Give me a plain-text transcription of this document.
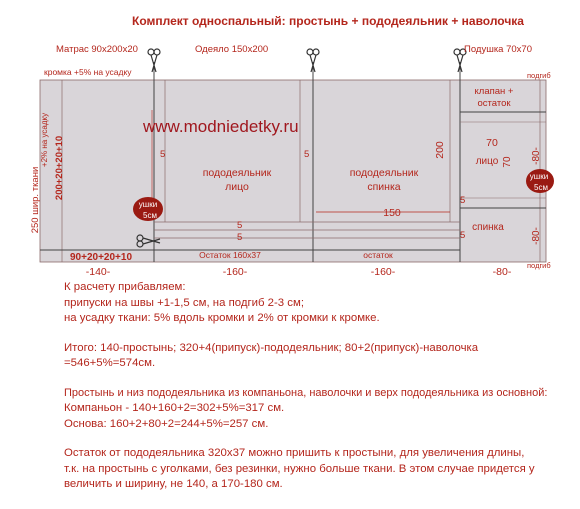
Комплект односпальный: простынь + пододеяльник + наволочка
Матрас 90х200х20	Одеяло 150х200	Подушка 70х70
кромка +5% на усадку
+2% на усадку
250 шир. ткани 200+20+20+10
www.modniedetky.ru
пододеяльник
лицо
пододеяльник
спинка
5	5
5
5
5
5
200
150
Остаток 160х37	остаток
клапан +
остаток
70
лицо 70
спинка
подгиб
подгиб
-80-
-80-
ушки
5см
ушки
5см
90+20+20+10
-140-	-160-	-160-	-80-

К расчету прибавляем:

припуски на швы +1-1,5 см, на подгиб 2-3 см;

на усадку ткани: 5% вдоль кромки и 2% от кромки к кромке.

Итого: 140-простынь; 320+4(припуск)-пододеяльник; 80+2(припуск)-наволочка

=546+5%=574см.

Простынь и низ пододеяльника из компаньона, наволочки и верх пододеяльника из основной:

Компаньон - 140+160+2=302+5%=317 см.

Основа: 160+2+80+2=244+5%=257 см.

Остаток от пододеяльника 320х37 можно пришить к простыни, для увеличения длины,

т.к. на простынь с уголками, без резинки, нужно больше ткани. В этом случае придется у

величить и ширину, не 140, а 170-180 см.
